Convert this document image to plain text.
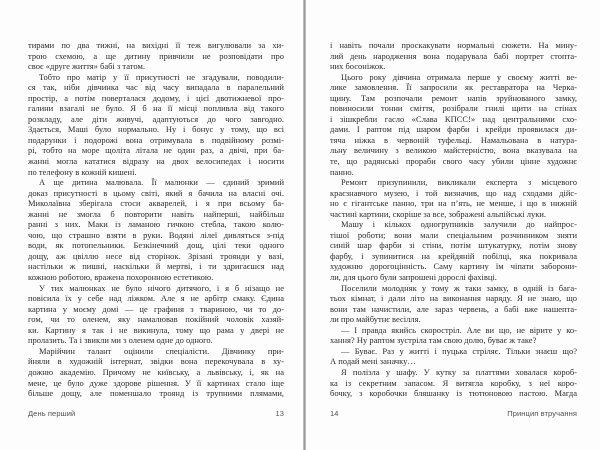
тирами по два тижні, на вихідні її теж вигулювали за хи-
трою схемою, а ще дитину привчили не розповідати про
своє «друге життя» бабі з татом.
Тобто про матір у її присутності не згадували, поводили-
ся так, ніби дівчинка час від часу випадала в паралельний
простір, а потім поверталася додому, і цієї двотижневої про-
галини взагалі не було. Я б на її місці попливла від такого
розкладу, але діти живучі, адаптуються до чого завгодно.
Здається, Маші було нормально. Ну і бонус у тому, що всі
подарунки і подорожі вона отримувала в подвійному розмі-
рі, тобто на море щоліта літала не один раз, а двічі, при ба-
жанні могла кататися відразу на двох велосипедах і носити
по телефону в кожній кишені.
А ще дитина малювала. Її малюнки — єдиний зримий
доказ присутності в цьому світі, який я бачила на власні очі.
Миколаївна зберігала стоси акварелей, і я при всьому ба-
жанні не змогла б повторити навіть найперші, найбільш
ранні з них. Маки із ламаною гичкою стебла, такою колю-
чою, що страшно взяти в руки. Водяні лілеї дивляться з-під
води, як потопельники. Безкінечний дощ, цілі теки одного
дощу, аж цвіллю несе від сторінок. Зрізані троянди у вазі,
настільки ж пишні, наскільки й мертві, і ти здригаєшся над
кожною роботою, вражена похоронною естетикою.
У тих малюнках не було нічого дитячого, і я б нізащо не
повісила їх у себе над ліжком. Але я не арбітр смаку. Єдина
картина у моєму домі — це графиня з твариною, чи то до-
гом, чи то оленем, яку намалював покійний чоловік хазяй-
ки. Картину я так і не викинула, тому що рама у двері не
пролазить. Та і звикли ми з оленем одне до одного.
Марійчин талант оцінили спеціалісти. Дівчинку при-
йняли в художній інтернат, звідки вона перекочувала в ху-
дожню академію. Причому не київську, а львівську, і, як на
мене, це було дуже здорове рішення. У її картинах стало іще
більше дощу, але поменшало троянд із трупними плямами,
День перший	13
і навіть почали проскакувати нормальні сюжети. На мину-
лий день народження вона подарувала бабі портрет стопта-
них босоніжок.
Цього року дівчина отримала перше у своєму житті ве-
лике замовлення. Її запросили як реставратора на Черка-
щину. Там розпочали ремонт напів зруйнованого замку,
повиносили тонни сміття, розібрали гнилі щити на стінах
і зішкребли гасло «Слава КПСС!» над центральними схо-
дами. І раптом під шаром фарби і крейди проявилася ди-
тяча ніжка в червоній туфельці. Намальована в натура-
льну величину з великою майстерністю, вона вказувала на
те, що радянські прораби свого часу убили цінне художнє
панно.
Ремонт призупинили, викликали експерта з місцевого
краєзнавчого музею, і той визначив, що над сходами дійс-
но є гігантське панно, три на п’ять, не менше, і що в нижній
частині картини, скоріше за все, зображені альпійські луки.
Машу і кількох одногрупників залучили до найпрос-
тішої роботи; вони мали спеціальним розчинником зняти
синій шар фарби зі стіни, потім штукатурку, потім знову
фарбу, і зупинитися на крейдяній побілці, яка покривала
художню дорогоцінність. Саму картину їм чіпати заборони-
ли, для цього були запрошені дорослі фахівці.
Поселили молодняк у тому ж таки замку, в одній із бага-
тьох кімнат, і дали літо на виконання наряду. Я не знаю, що
вони там начистили, але зараз червень, а бабі вже нашепта-
ли про майбутнє весілля.
— І правда якийсь скоростріл. Але ви що, не вірите у ко-
хання? Ну раптом зустріла там свою долю, буває ж таке?
— Буває. Раз у житті і пуцька стріляє. Тільки знаєш що?
А подай мені заначку…
Я полізла у шафу. У кутку за платтями ховалася короб-
ка із секретним запасом. Я витягла коробку, з неї коро-
бочку, з коробочки бляшанку із тютюновою пастою. Магда
14	Принцип втручання
